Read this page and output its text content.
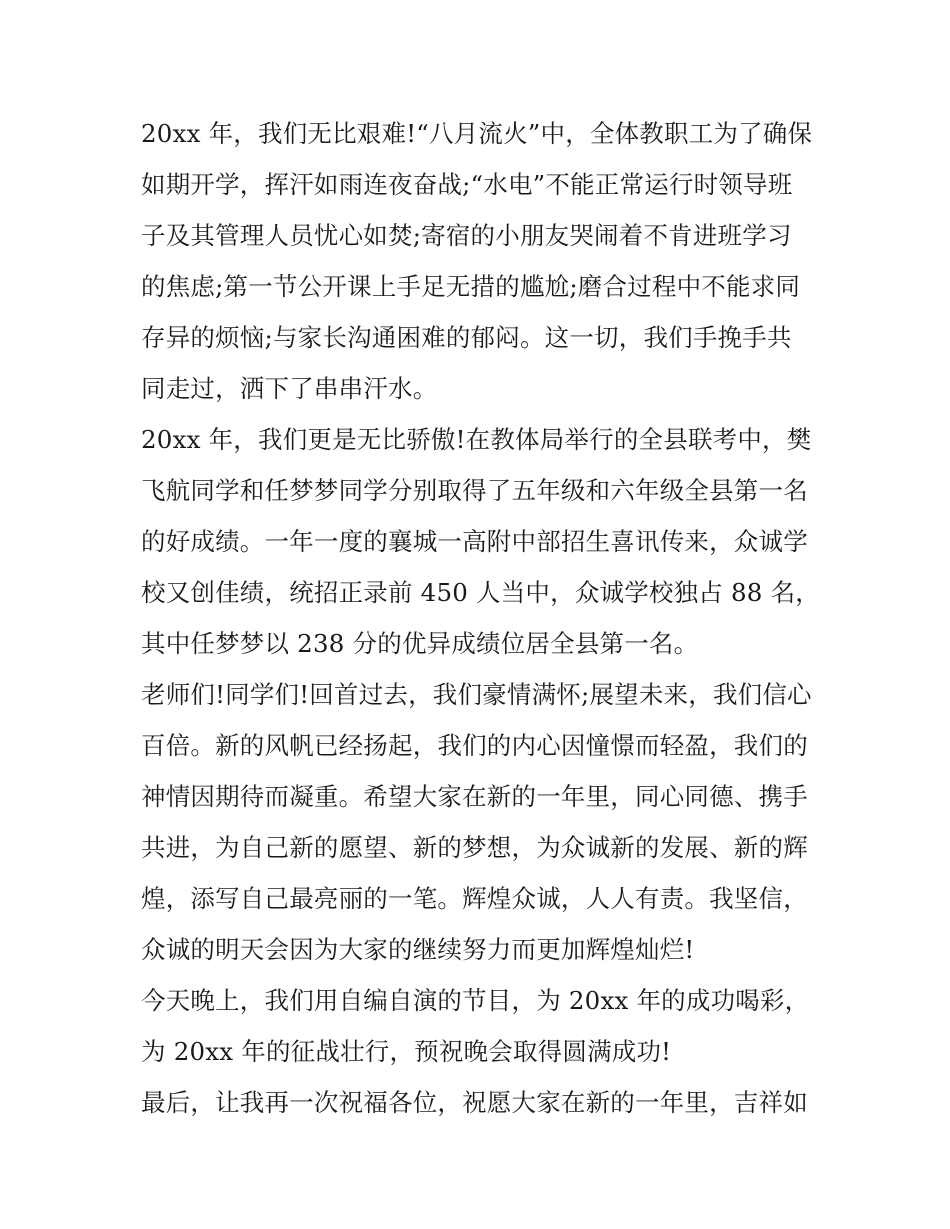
20xx 年，我们无比艰难!“八月流火”中，全体教职工为了确保
如期开学，挥汗如雨连夜奋战;“水电”不能正常运行时领导班
子及其管理人员忧心如焚;寄宿的小朋友哭闹着不肯进班学习
的焦虑;第一节公开课上手足无措的尴尬;磨合过程中不能求同
存异的烦恼;与家长沟通困难的郁闷。这一切，我们手挽手共
同走过，洒下了串串汗水。
20xx 年，我们更是无比骄傲!在教体局举行的全县联考中，樊
飞航同学和任梦梦同学分别取得了五年级和六年级全县第一名
的好成绩。一年一度的襄城一高附中部招生喜讯传来，众诚学
校又创佳绩，统招正录前 450 人当中，众诚学校独占 88 名，
其中任梦梦以 238 分的优异成绩位居全县第一名。
老师们!同学们!回首过去，我们豪情满怀;展望未来，我们信心
百倍。新的风帆已经扬起，我们的内心因憧憬而轻盈，我们的
神情因期待而凝重。希望大家在新的一年里，同心同德、携手
共进，为自己新的愿望、新的梦想，为众诚新的发展、新的辉
煌，添写自己最亮丽的一笔。辉煌众诚，人人有责。我坚信，
众诚的明天会因为大家的继续努力而更加辉煌灿烂!
今天晚上，我们用自编自演的节目，为 20xx 年的成功喝彩，
为 20xx 年的征战壮行，预祝晚会取得圆满成功!
最后，让我再一次祝福各位，祝愿大家在新的一年里，吉祥如
